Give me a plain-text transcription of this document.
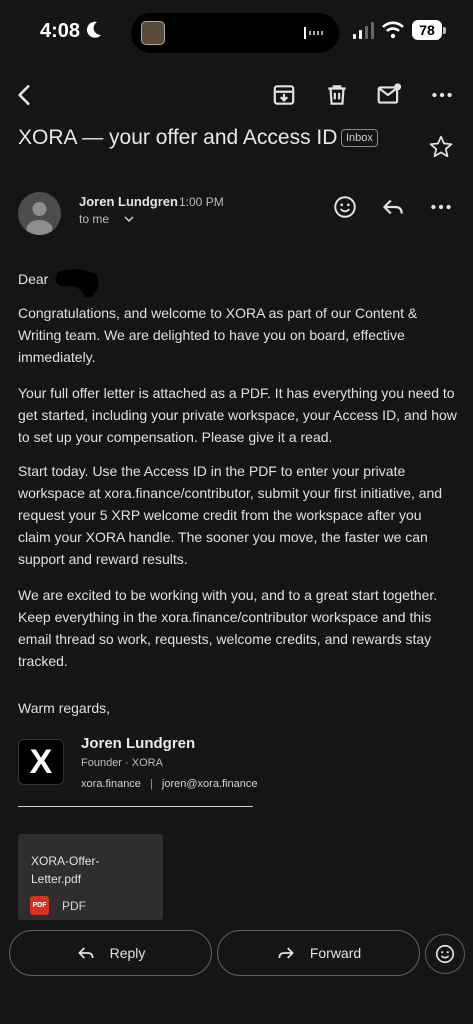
4:08	78
XORA — your offer and Access ID Inbox
Joren Lundgren 1:00 PM
to me
Dear
Congratulations, and welcome to XORA as part of our Content & Writing team. We are delighted to have you on board, effective immediately.
Your full offer letter is attached as a PDF. It has everything you need to get started, including your private workspace, your Access ID, and how to set up your compensation. Please give it a read.
Start today. Use the Access ID in the PDF to enter your private workspace at xora.finance/contributor, submit your first initiative, and request your 5 XRP welcome credit from the workspace after you claim your XORA handle. The sooner you move, the faster we can support and reward results.
We are excited to be working with you, and to a great start together. Keep everything in the xora.finance/contributor workspace and this email thread so work, requests, welcome credits, and rewards stay tracked.
Warm regards,
X	Joren Lundgren
Founder · XORA
xora.finance | joren@xora.finance
XORA-Offer-Letter.pdf
PDF PDF
Reply	Forward
